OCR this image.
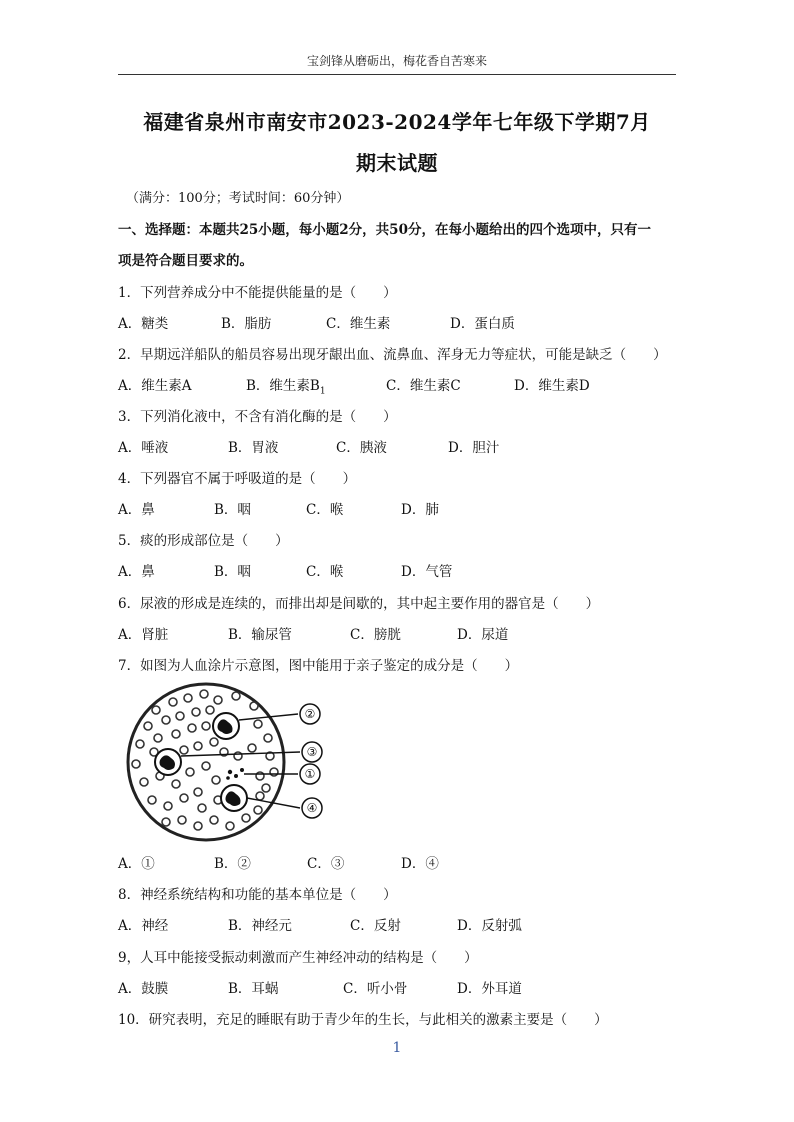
宝剑锋从磨砺出，梅花香自苦寒来
福建省泉州市南安市2023-2024学年七年级下学期7月
期末试题
（满分：100分；考试时间：60分钟）
一、选择题：本题共25小题，每小题2分，共50分，在每小题给出的四个选项中，只有一
项是符合题目要求的。
1．下列营养成分中不能提供能量的是（　　）
A．糖类	B．脂肪	C．维生素	D．蛋白质
2．早期远洋船队的船员容易出现牙龈出血、流鼻血、浑身无力等症状，可能是缺乏（　　）
A．维生素A	B．维生素$B_1$	C．维生素C	D．维生素D
3．下列消化液中，不含有消化酶的是（　　）
A．唾液	B．胃液	C．胰液	D．胆汁
4．下列器官不属于呼吸道的是（　　）
A．鼻	B．咽	C．喉	D．肺
5．痰的形成部位是（　　）
A．鼻	B．咽	C．喉	D．气管
6．尿液的形成是连续的，而排出却是间歇的，其中起主要作用的器官是（　　）
A．肾脏	B．输尿管	C．膀胱	D．尿道
7．如图为人血涂片示意图，图中能用于亲子鉴定的成分是（　　）
②
③
①
④
A．①	B．②	C．③	D．④
8．神经系统结构和功能的基本单位是（　　）
A．神经	B．神经元	C．反射	D．反射弧
9，人耳中能接受振动刺激而产生神经冲动的结构是（　　）
A．鼓膜	B．耳蜗	C．听小骨	D．外耳道
10．研究表明，充足的睡眠有助于青少年的生长，与此相关的激素主要是（　　）
1
